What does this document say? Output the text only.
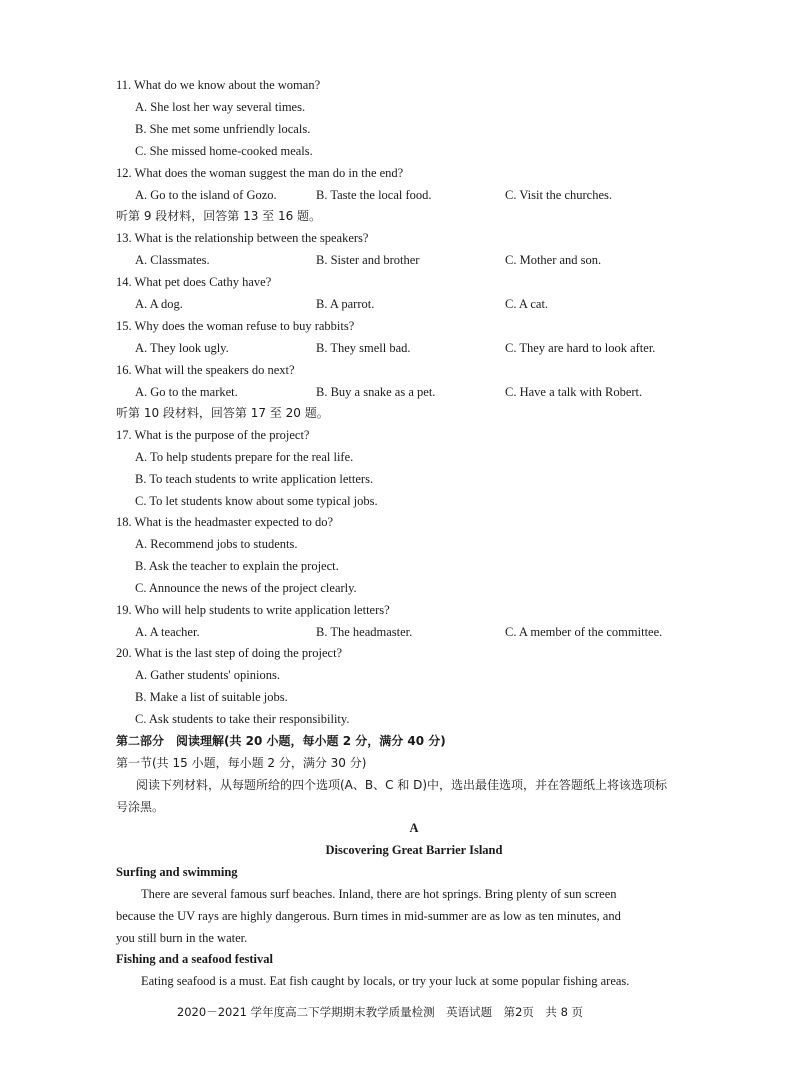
11. What do we know about the woman?
A. She lost her way several times.
B. She met some unfriendly locals.
C. She missed home-cooked meals.
12. What does the woman suggest the man do in the end?
A. Go to the island of Gozo.	B. Taste the local food.	C. Visit the churches.
听第 9 段材料，回答第 13 至 16 题。
13. What is the relationship between the speakers?
A. Classmates.	B. Sister and brother	C. Mother and son.
14. What pet does Cathy have?
A. A dog.	B. A parrot.	C. A cat.
15. Why does the woman refuse to buy rabbits?
A. They look ugly.	B. They smell bad.	C. They are hard to look after.
16. What will the speakers do next?
A. Go to the market.	B. Buy a snake as a pet.	C. Have a talk with Robert.
听第 10 段材料，回答第 17 至 20 题。
17. What is the purpose of the project?
A. To help students prepare for the real life.
B. To teach students to write application letters.
C. To let students know about some typical jobs.
18. What is the headmaster expected to do?
A. Recommend jobs to students.
B. Ask the teacher to explain the project.
C. Announce the news of the project clearly.
19. Who will help students to write application letters?
A. A teacher.	B. The headmaster.	C. A member of the committee.
20. What is the last step of doing the project?
A. Gather students' opinions.
B. Make a list of suitable jobs.
C. Ask students to take their responsibility.
第二部分　阅读理解(共 20 小题，每小题 2 分，满分 40 分)
第一节(共 15 小题，每小题 2 分，满分 30 分)
阅读下列材料，从每题所给的四个选项(A、B、C 和 D)中，选出最佳选项，并在答题纸上将该选项标
号涂黑。
A
Discovering Great Barrier Island
Surfing and swimming
There are several famous surf beaches. Inland, there are hot springs. Bring plenty of sun screen
because the UV rays are highly dangerous. Burn times in mid-summer are as low as ten minutes, and
you still burn in the water.
Fishing and a seafood festival
Eating seafood is a must. Eat fish caught by locals, or try your luck at some popular fishing areas.
2020－2021 学年度高二下学期期末教学质量检测　英语试题　第2页　共 8 页
